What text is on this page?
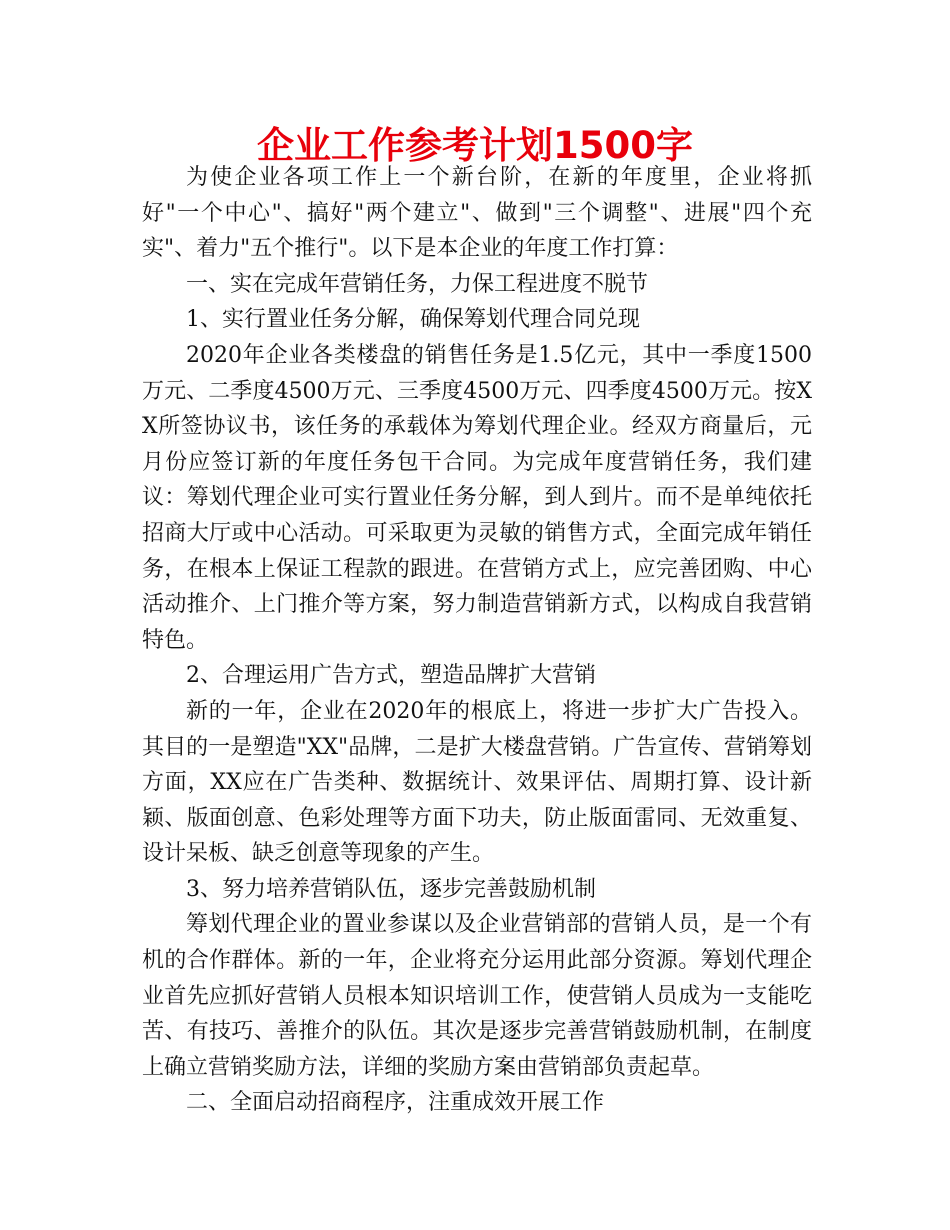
企业工作参考计划1500字

为使企业各项工作上一个新台阶，在新的年度里，企业将抓好"一个中心"、搞好"两个建立"、做到"三个调整"、进展"四个充实"、着力"五个推行"。以下是本企业的年度工作打算：

一、实在完成年营销任务，力保工程进度不脱节

1、实行置业任务分解，确保筹划代理合同兑现

2020年企业各类楼盘的销售任务是1.5亿元，其中一季度1500万元、二季度4500万元、三季度4500万元、四季度4500万元。按XX所签协议书，该任务的承载体为筹划代理企业。经双方商量后，元月份应签订新的年度任务包干合同。为完成年度营销任务，我们建议：筹划代理企业可实行置业任务分解，到人到片。而不是单纯依托招商大厅或中心活动。可采取更为灵敏的销售方式，全面完成年销任务，在根本上保证工程款的跟进。在营销方式上，应完善团购、中心活动推介、上门推介等方案，努力制造营销新方式，以构成自我营销特色。

2、合理运用广告方式，塑造品牌扩大营销

新的一年，企业在2020年的根底上，将进一步扩大广告投入。其目的一是塑造"XX"品牌，二是扩大楼盘营销。广告宣传、营销筹划方面，XX应在广告类种、数据统计、效果评估、周期打算、设计新颖、版面创意、色彩处理等方面下功夫，防止版面雷同、无效重复、设计呆板、缺乏创意等现象的产生。

3、努力培养营销队伍，逐步完善鼓励机制

筹划代理企业的置业参谋以及企业营销部的营销人员，是一个有机的合作群体。新的一年，企业将充分运用此部分资源。筹划代理企业首先应抓好营销人员根本知识培训工作，使营销人员成为一支能吃苦、有技巧、善推介的队伍。其次是逐步完善营销鼓励机制，在制度上确立营销奖励方法，详细的奖励方案由营销部负责起草。

二、全面启动招商程序，注重成效开展工作
